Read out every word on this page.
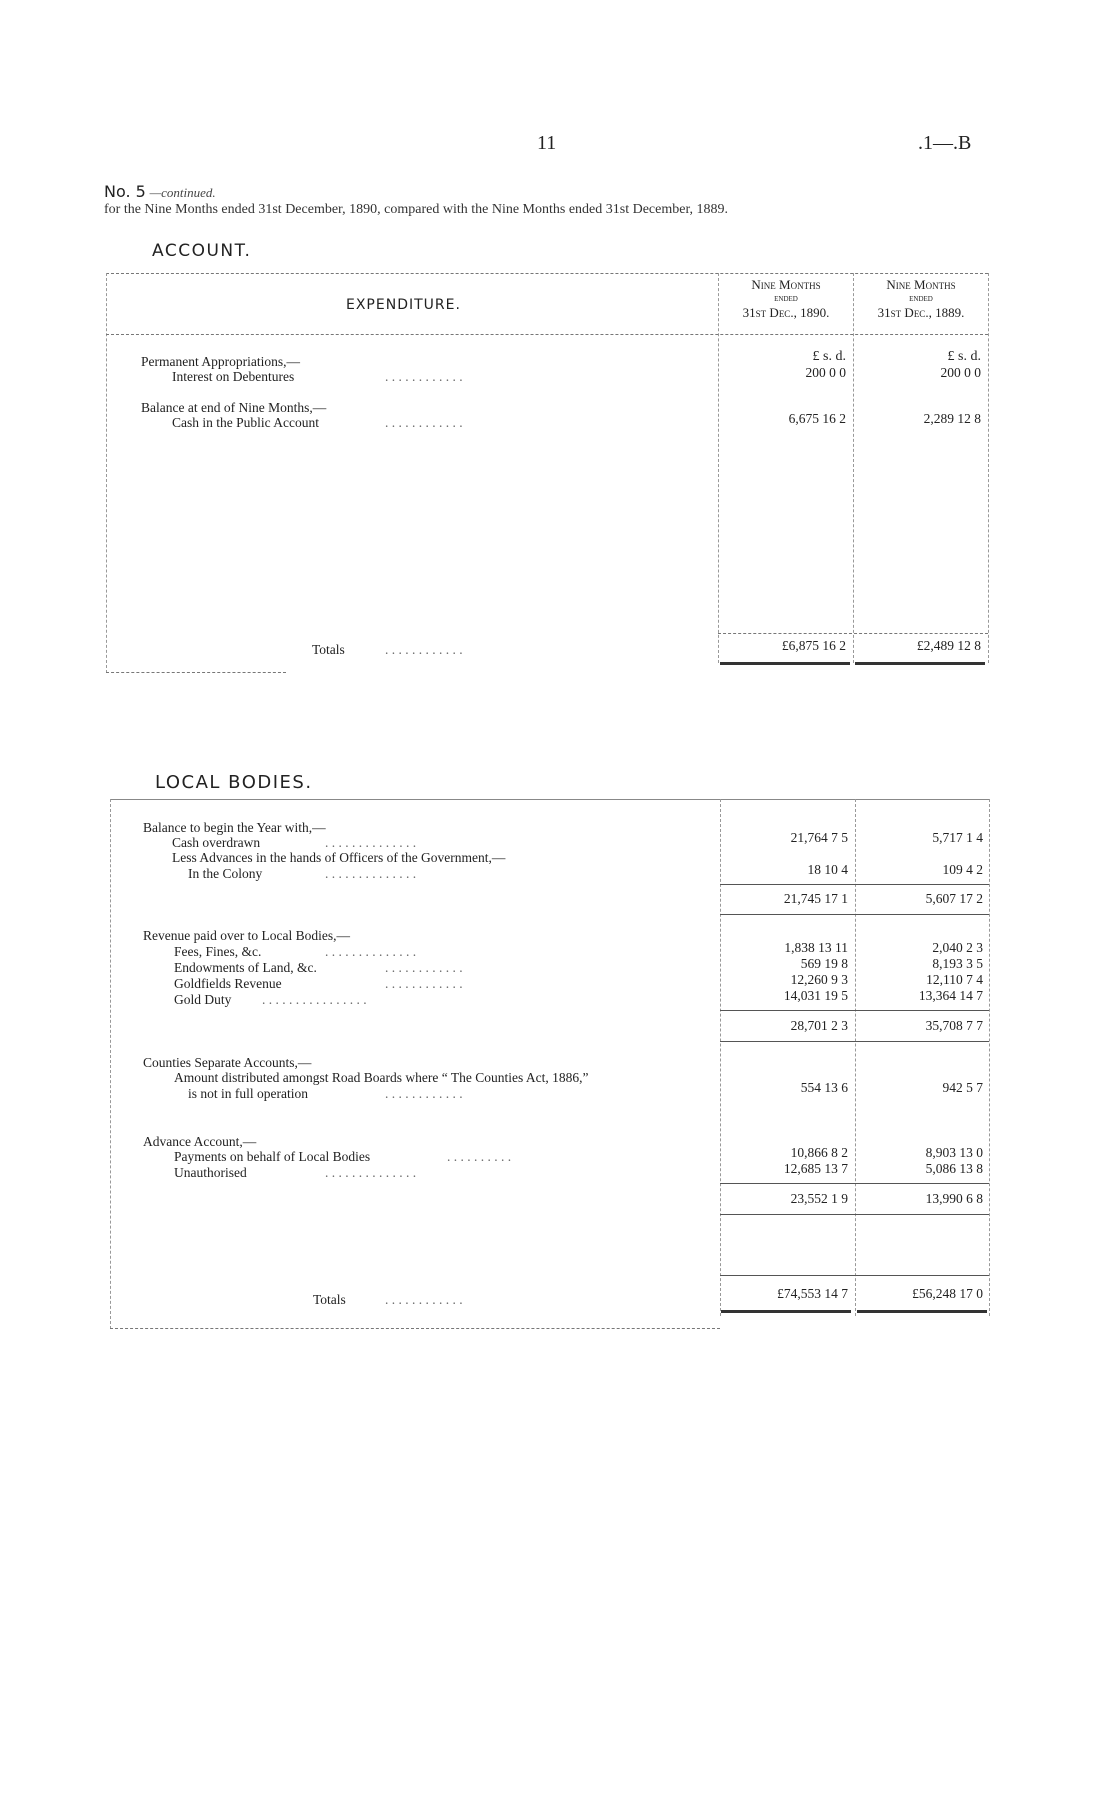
11	.1—.B
No. 5 —continued.
for the Nine Months ended 31st December, 1890, compared with the Nine Months ended 31st December, 1889.
ACCOUNT.
EXPENDITURE.
Nine Months
ended
31st Dec., 1890.
Nine Months
ended
31st Dec., 1889.
£ s. d.	£ s. d.
Permanent Appropriations,—
Interest on Debentures	. . . . . . . . . . . .	200 0 0	200 0 0
Balance at end of Nine Months,—
Cash in the Public Account	. . . . . . . . . . . .	6,675 16 2	2,289 12 8
Totals	. . . . . . . . . . . .	£6,875 16 2	£2,489 12 8
LOCAL BODIES.
Balance to begin the Year with,—
Cash overdrawn	. . . . . . . . . . . . . .	21,764 7 5	5,717 1 4
Less Advances in the hands of Officers of the Government,—
In the Colony	. . . . . . . . . . . . . .	18 10 4	109 4 2
21,745 17 1	5,607 17 2
Revenue paid over to Local Bodies,—
Fees, Fines, &c.	. . . . . . . . . . . . . .	1,838 13 11	2,040 2 3
Endowments of Land, &c.	. . . . . . . . . . . .	569 19 8	8,193 3 5
Goldfields Revenue	. . . . . . . . . . . .	12,260 9 3	12,110 7 4
Gold Duty . . . . . . . . . . . . . . . .	14,031 19 5	13,364 14 7
28,701 2 3	35,708 7 7
Counties Separate Accounts,—
Amount distributed amongst Road Boards where “ The Counties Act, 1886,”
is not in full operation	. . . . . . . . . . . .	554 13 6	942 5 7
Advance Account,—
Payments on behalf of Local Bodies	. . . . . . . . . .	10,866 8 2	8,903 13 0
Unauthorised	. . . . . . . . . . . . . .	12,685 13 7	5,086 13 8
23,552 1 9	13,990 6 8
Totals	. . . . . . . . . . . .	£74,553 14 7	£56,248 17 0
